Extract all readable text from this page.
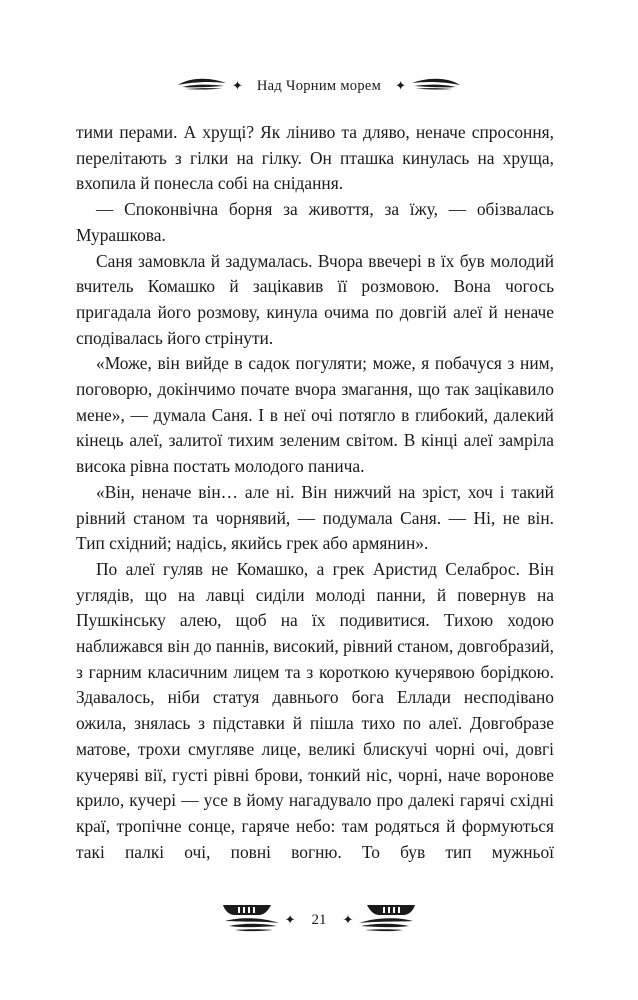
✦ Над Чорним морем ✦

тими перами. А хрущі? Як ліниво та дляво, неначе спросоння, перелітають з гілки на гілку. Он пташка кинулась на хруща, вхопила й понесла собі на снідання.

— Споконвічна борня за живоття, за їжу, — обізвалась Мурашкова.

Саня замовкла й задумалась. Вчора ввечері в їх був молодий вчитель Комашко й зацікавив її розмовою. Вона чогось пригадала його розмову, кинула очима по довгій алеї й неначе сподівалась його стрінути.

«Може, він вийде в садок погуляти; може, я побачуся з ним, поговорю, докінчимо почате вчора змагання, що так зацікавило мене», — думала Саня. І в неї очі потягло в глибокий, далекий кінець алеї, залитої тихим зеленим світом. В кінці алеї замріла висока рівна постать молодого панича.

«Він, неначе він… але ні. Він нижчий на зріст, хоч і такий рівний станом та чорнявий, — подумала Саня. — Ні, не він. Тип східний; надісь, якийсь грек або армянин».

По алеї гуляв не Комашко, а грек Аристид Селаброс. Він углядів, що на лавці сиділи молоді панни, й повернув на Пушкінську алею, щоб на їх подивитися. Тихою ходою наближався він до паннів, високий, рівний станом, довгобразий, з гарним класичним лицем та з короткою кучерявою борідкою. Здавалось, ніби статуя давнього бога Еллади несподівано ожила, знялась з підставки й пішла тихо по алеї. Довгобразе матове, трохи смугляве лице, великі блискучі чорні очі, довгі кучеряві вії, густі рівні брови, тонкий ніс, чорні, наче воронове крило, кучері — усе в йому нагадувало про далекі гарячі східні краї, тропічне сонце, гаряче небо: там родяться й формуються такі палкі очі, повні вогню. То був тип мужньої

✦ 21 ✦
